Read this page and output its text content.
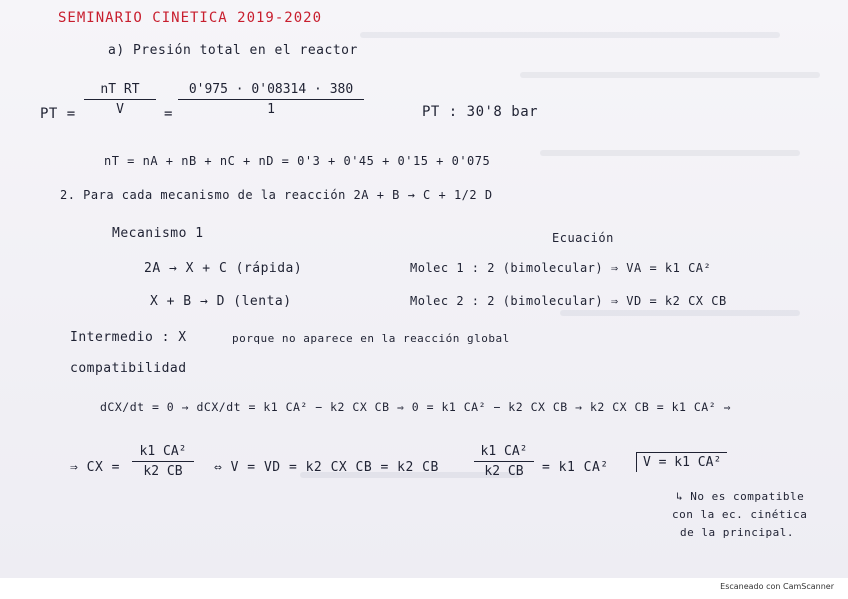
SEMINARIO CINETICA 2019-2020
a) Presión total en el reactor
PT =
nT RT
V	=
0'975 · 0'08314 · 380
1	PT : 30'8 bar
nT = nA + nB + nC + nD = 0'3 + 0'45 + 0'15 + 0'075
2. Para cada mecanismo de la reacción 2A + B → C + 1/2 D
Mecanismo 1	Ecuación
2A → X + C (rápida)	Molec 1 : 2 (bimolecular) ⇒ VA = k1 CA²
X + B → D (lenta)	Molec 2 : 2 (bimolecular) ⇒ VD = k2 CX CB
Intermedio : X	porque no aparece en la reacción global
compatibilidad
dCX/dt = 0 → dCX/dt = k1 CA² − k2 CX CB ⇒ 0 = k1 CA² − k2 CX CB → k2 CX CB = k1 CA² ⇒
⇒ CX =
k1 CA²
k2 CB ⇔ V = VD = k2 CX CB = k2 CB
k1 CA²
k2 CB = k1 CA²	V = k1 CA²
↳ No es compatible
con la ec. cinética
de la principal.
Escaneado con CamScanner
